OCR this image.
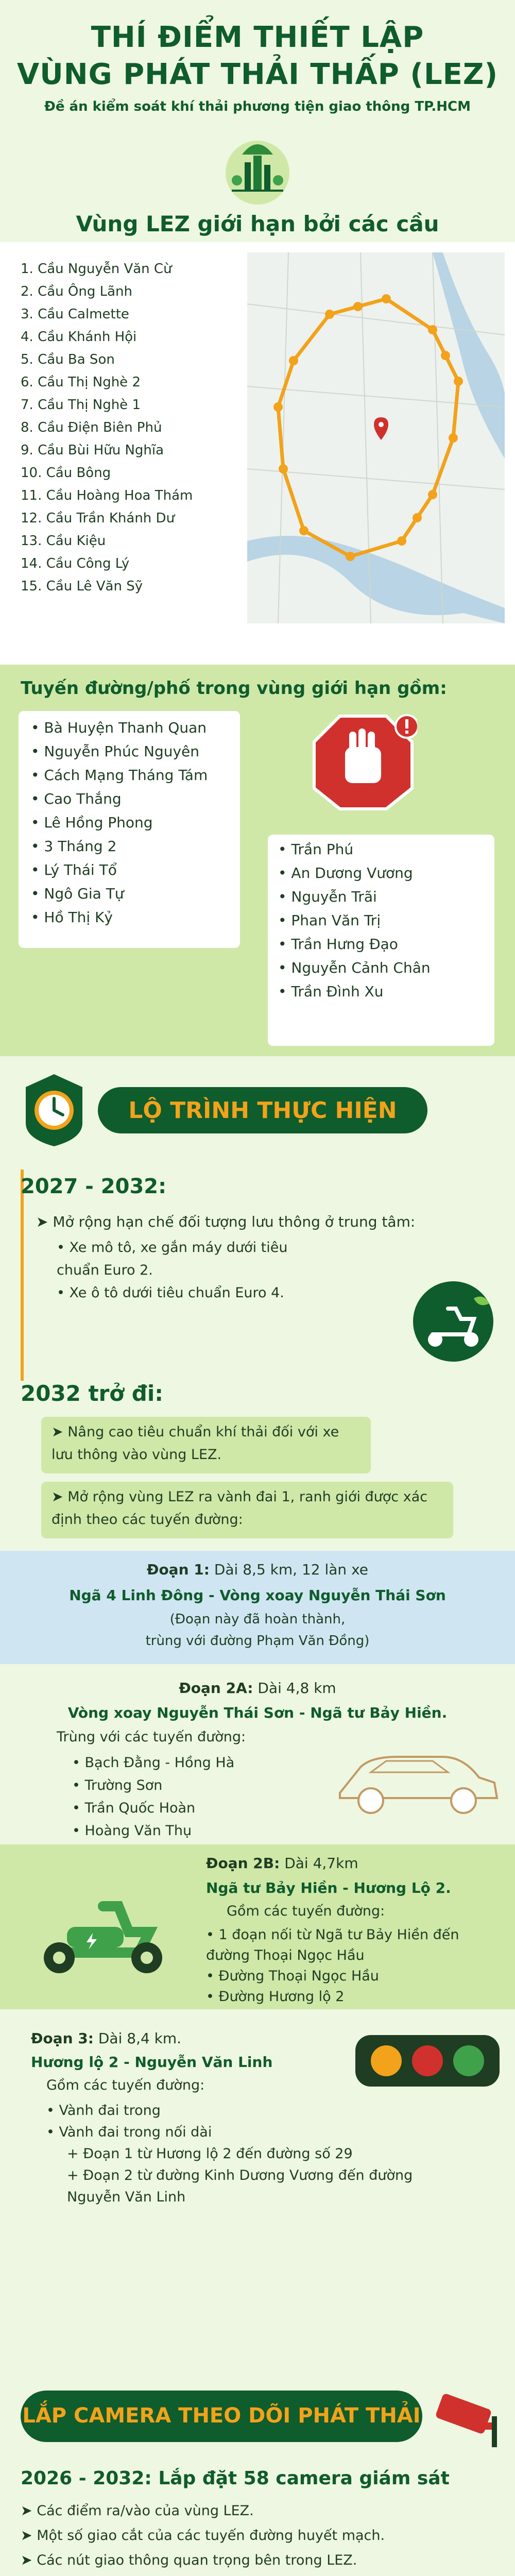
THÍ ĐIỂM THIẾT LẬP
VÙNG PHÁT THẢI THẤP (LEZ)
Đề án kiểm soát khí thải phương tiện giao thông TP.HCM
Vùng LEZ giới hạn bởi các cầu
1. Cầu Nguyễn Văn Cừ
2. Cầu Ông Lãnh
3. Cầu Calmette
4. Cầu Khánh Hội
5. Cầu Ba Son
6. Cầu Thị Nghè 2
7. Cầu Thị Nghè 1
8. Cầu Điện Biên Phủ
9. Cầu Bùi Hữu Nghĩa
10. Cầu Bông
11. Cầu Hoàng Hoa Thám
12. Cầu Trần Khánh Dư
13. Cầu Kiệu
14. Cầu Công Lý
15. Cầu Lê Văn Sỹ
Tuyến đường/phố trong vùng giới hạn gồm:
• Bà Huyện Thanh Quan
• Nguyễn Phúc Nguyên
• Cách Mạng Tháng Tám
• Cao Thắng
• Lê Hồng Phong
• 3 Tháng 2
• Lý Thái Tổ
• Ngô Gia Tự
• Hồ Thị Kỷ
• Trần Phú
• An Dương Vương
• Nguyễn Trãi
• Phan Văn Trị
• Trần Hưng Đạo
• Nguyễn Cảnh Chân
• Trần Đình Xu
LỘ TRÌNH THỰC HIỆN
2027 - 2032:
➤ Mở rộng hạn chế đối tượng lưu thông ở trung tâm:
• Xe mô tô, xe gắn máy dưới tiêu chuẩn Euro 2.
• Xe ô tô dưới tiêu chuẩn Euro 4.
2032 trở đi:
➤ Nâng cao tiêu chuẩn khí thải đối với xe lưu thông vào vùng LEZ.
➤ Mở rộng vùng LEZ ra vành đai 1, ranh giới được xác định theo các tuyến đường:
Đoạn 1: Dài 8,5 km, 12 làn xe
Ngã 4 Linh Đông - Vòng xoay Nguyễn Thái Sơn
(Đoạn này đã hoàn thành,
trùng với đường Phạm Văn Đồng)
Đoạn 2A: Dài 4,8 km
Vòng xoay Nguyễn Thái Sơn - Ngã tư Bảy Hiền.
Trùng với các tuyến đường:
• Bạch Đằng - Hồng Hà
• Trường Sơn
• Trần Quốc Hoàn
• Hoàng Văn Thụ
Đoạn 2B: Dài 4,7km
Ngã tư Bảy Hiền - Hương Lộ 2.
Gồm các tuyến đường:
• 1 đoạn nối từ Ngã tư Bảy Hiền đến đường Thoại Ngọc Hầu
• Đường Thoại Ngọc Hầu
• Đường Hương lộ 2
Đoạn 3: Dài 8,4 km.
Hương lộ 2 - Nguyễn Văn Linh
Gồm các tuyến đường:
• Vành đai trong
• Vành đai trong nối dài
+ Đoạn 1 từ Hương lộ 2 đến đường số 29
+ Đoạn 2 từ đường Kinh Dương Vương đến đường Nguyễn Văn Linh
LẮP CAMERA THEO DÕI PHÁT THẢI
2026 - 2032: Lắp đặt 58 camera giám sát
➤ Các điểm ra/vào của vùng LEZ.
➤ Một số giao cắt của các tuyến đường huyết mạch.
➤ Các nút giao thông quan trọng bên trong LEZ.
